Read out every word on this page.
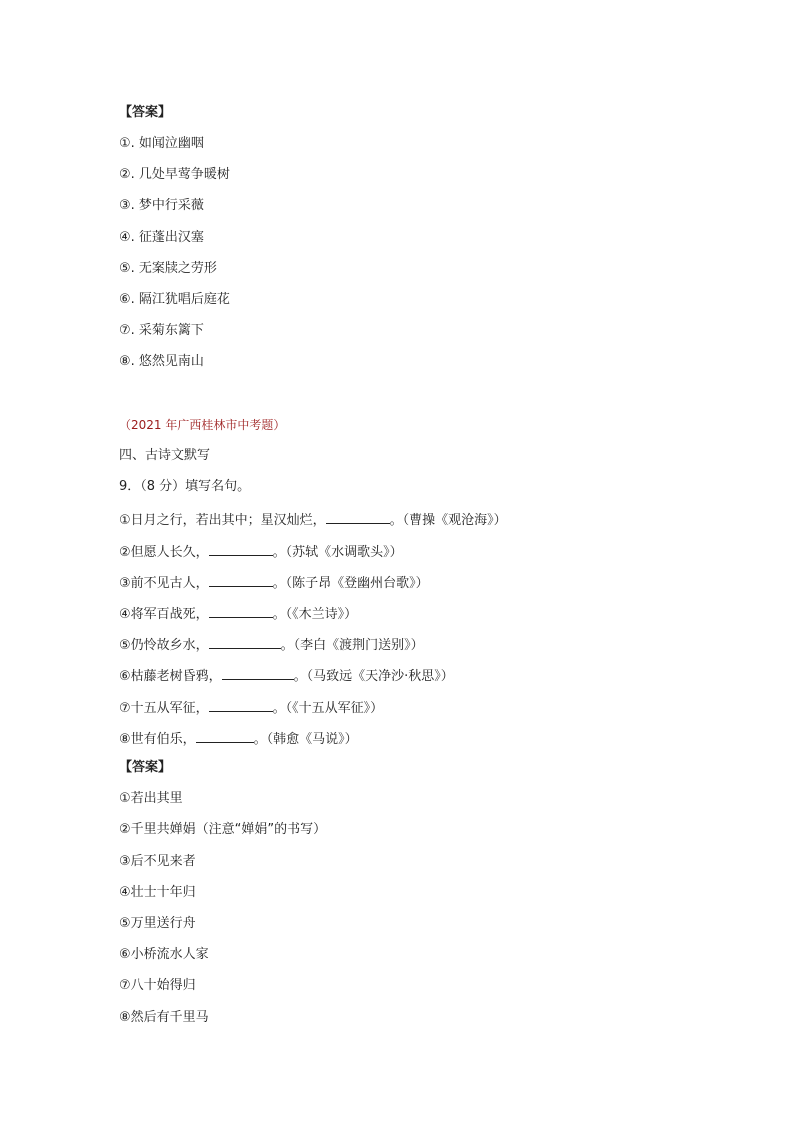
【答案】
①. 如闻泣幽咽
②. 几处早莺争暖树
③. 梦中行采薇
④. 征蓬出汉塞
⑤. 无案牍之劳形
⑥. 隔江犹唱后庭花
⑦. 采菊东篱下
⑧. 悠然见南山
（2021 年广西桂林市中考题）
四、古诗文默写
9．（8 分）填写名句。
①日月之行，若出其中；星汉灿烂，	。（曹操《观沧海》）
②但愿人长久，	。（苏轼《水调歌头》）
③前不见古人，	。（陈子昂《登幽州台歌》）
④将军百战死，	。（《木兰诗》）
⑤仍怜故乡水，	。（李白《渡荆门送别》）
⑥枯藤老树昏鸦，	。（马致远《天净沙·秋思》）
⑦十五从军征，	。（《十五从军征》）
⑧世有伯乐，	。（韩愈《马说》）
【答案】
①若出其里
②千里共婵娟（注意“婵娟”的书写）
③后不见来者
④壮士十年归
⑤万里送行舟
⑥小桥流水人家
⑦八十始得归
⑧然后有千里马
